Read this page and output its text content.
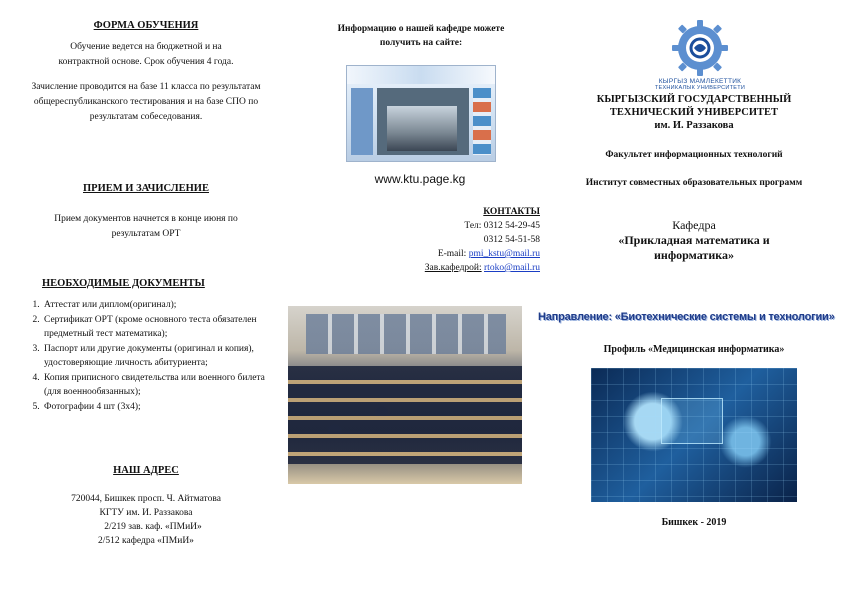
ФОРМА ОБУЧЕНИЯ
Обучение ведется на бюджетной и на контрактной основе. Срок обучения 4 года.
Зачисление проводится на базе 11 класса по результатам общереспубликанского тестирования и на базе СПО по результатам собеседования.
ПРИЕМ И ЗАЧИСЛЕНИЕ
Прием документов начнется в конце июня по результатам ОРТ
НЕОБХОДИМЫЕ ДОКУМЕНТЫ
1. Аттестат или диплом(оригинал);
2. Сертификат ОРТ (кроме основного теста обязателен предметный тест математика);
3. Паспорт или другие документы (оригинал и копия), удостоверяющие личность абитуриента;
4. Копия приписного свидетельства или военного билета (для военнообязанных);
5. Фотографии 4 шт (3х4);
НАШ АДРЕС
720044, Бишкек просп. Ч. Айтматова
КГТУ им. И. Раззакова
2/219 зав. каф. «ПМиИ»
2/512 кафедра «ПМиИ»
Информацию о нашей кафедре можете получить на сайте:
www.ktu.page.kg
КОНТАКТЫ
Тел: 0312 54-29-45
0312 54-51-58
E-mail: pmi_kstu@mail.ru
Зав.кафедрой: rtoko@mail.ru
КЫРГЫЗ МАМЛЕКЕТТИК
ТЕХНИКАЛЫК УНИВЕРСИТЕТИ
КЫРГЫЗСКИЙ ГОСУДАРСТВЕННЫЙ ТЕХНИЧЕСКИЙ УНИВЕРСИТЕТ
им. И. Раззакова
Факультет информационных технологий
Институт совместных образовательных программ
Кафедра
«Прикладная математика и информатика»
Направление: «Биотехнические системы и технологии»
Профиль «Медицинская информатика»
Бишкек - 2019
